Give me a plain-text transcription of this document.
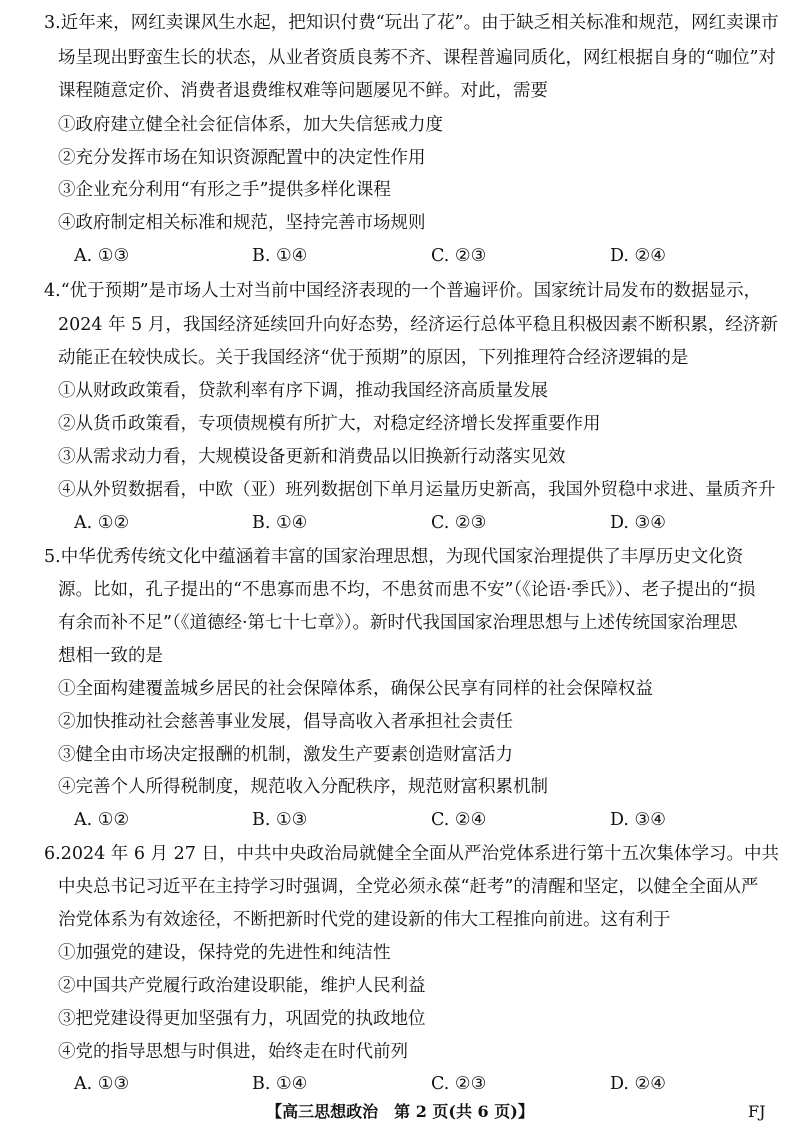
3.近年来，网红卖课风生水起，把知识付费“玩出了花”。由于缺乏相关标准和规范，网红卖课市
场呈现出野蛮生长的状态，从业者资质良莠不齐、课程普遍同质化，网红根据自身的“咖位”对
课程随意定价、消费者退费维权难等问题屡见不鲜。对此，需要
①政府建立健全社会征信体系，加大失信惩戒力度
②充分发挥市场在知识资源配置中的决定性作用
③企业充分利用“有形之手”提供多样化课程
④政府制定相关标准和规范，坚持完善市场规则
A. ①③	B. ①④	C. ②③	D. ②④
4.“优于预期”是市场人士对当前中国经济表现的一个普遍评价。国家统计局发布的数据显示，
2024 年 5 月，我国经济延续回升向好态势，经济运行总体平稳且积极因素不断积累，经济新
动能正在较快成长。关于我国经济“优于预期”的原因，下列推理符合经济逻辑的是
①从财政政策看，贷款利率有序下调，推动我国经济高质量发展
②从货币政策看，专项债规模有所扩大，对稳定经济增长发挥重要作用
③从需求动力看，大规模设备更新和消费品以旧换新行动落实见效
④从外贸数据看，中欧（亚）班列数据创下单月运量历史新高，我国外贸稳中求进、量质齐升
A. ①②	B. ①④	C. ②③	D. ③④
5.中华优秀传统文化中蕴涵着丰富的国家治理思想，为现代国家治理提供了丰厚历史文化资
源。比如，孔子提出的“不患寡而患不均，不患贫而患不安”（《论语·季氏》）、老子提出的“损
有余而补不足”（《道德经·第七十七章》）。新时代我国国家治理思想与上述传统国家治理思
想相一致的是
①全面构建覆盖城乡居民的社会保障体系，确保公民享有同样的社会保障权益
②加快推动社会慈善事业发展，倡导高收入者承担社会责任
③健全由市场决定报酬的机制，激发生产要素创造财富活力
④完善个人所得税制度，规范收入分配秩序，规范财富积累机制
A. ①②	B. ①③	C. ②④	D. ③④
6.2024 年 6 月 27 日，中共中央政治局就健全全面从严治党体系进行第十五次集体学习。中共
中央总书记习近平在主持学习时强调，全党必须永葆“赶考”的清醒和坚定，以健全全面从严
治党体系为有效途径，不断把新时代党的建设新的伟大工程推向前进。这有利于
①加强党的建设，保持党的先进性和纯洁性
②中国共产党履行政治建设职能，维护人民利益
③把党建设得更加坚强有力，巩固党的执政地位
④党的指导思想与时俱进，始终走在时代前列
A. ①③	B. ①④	C. ②③	D. ②④
【高三思想政治　第 2 页(共 6 页)】	FJ
